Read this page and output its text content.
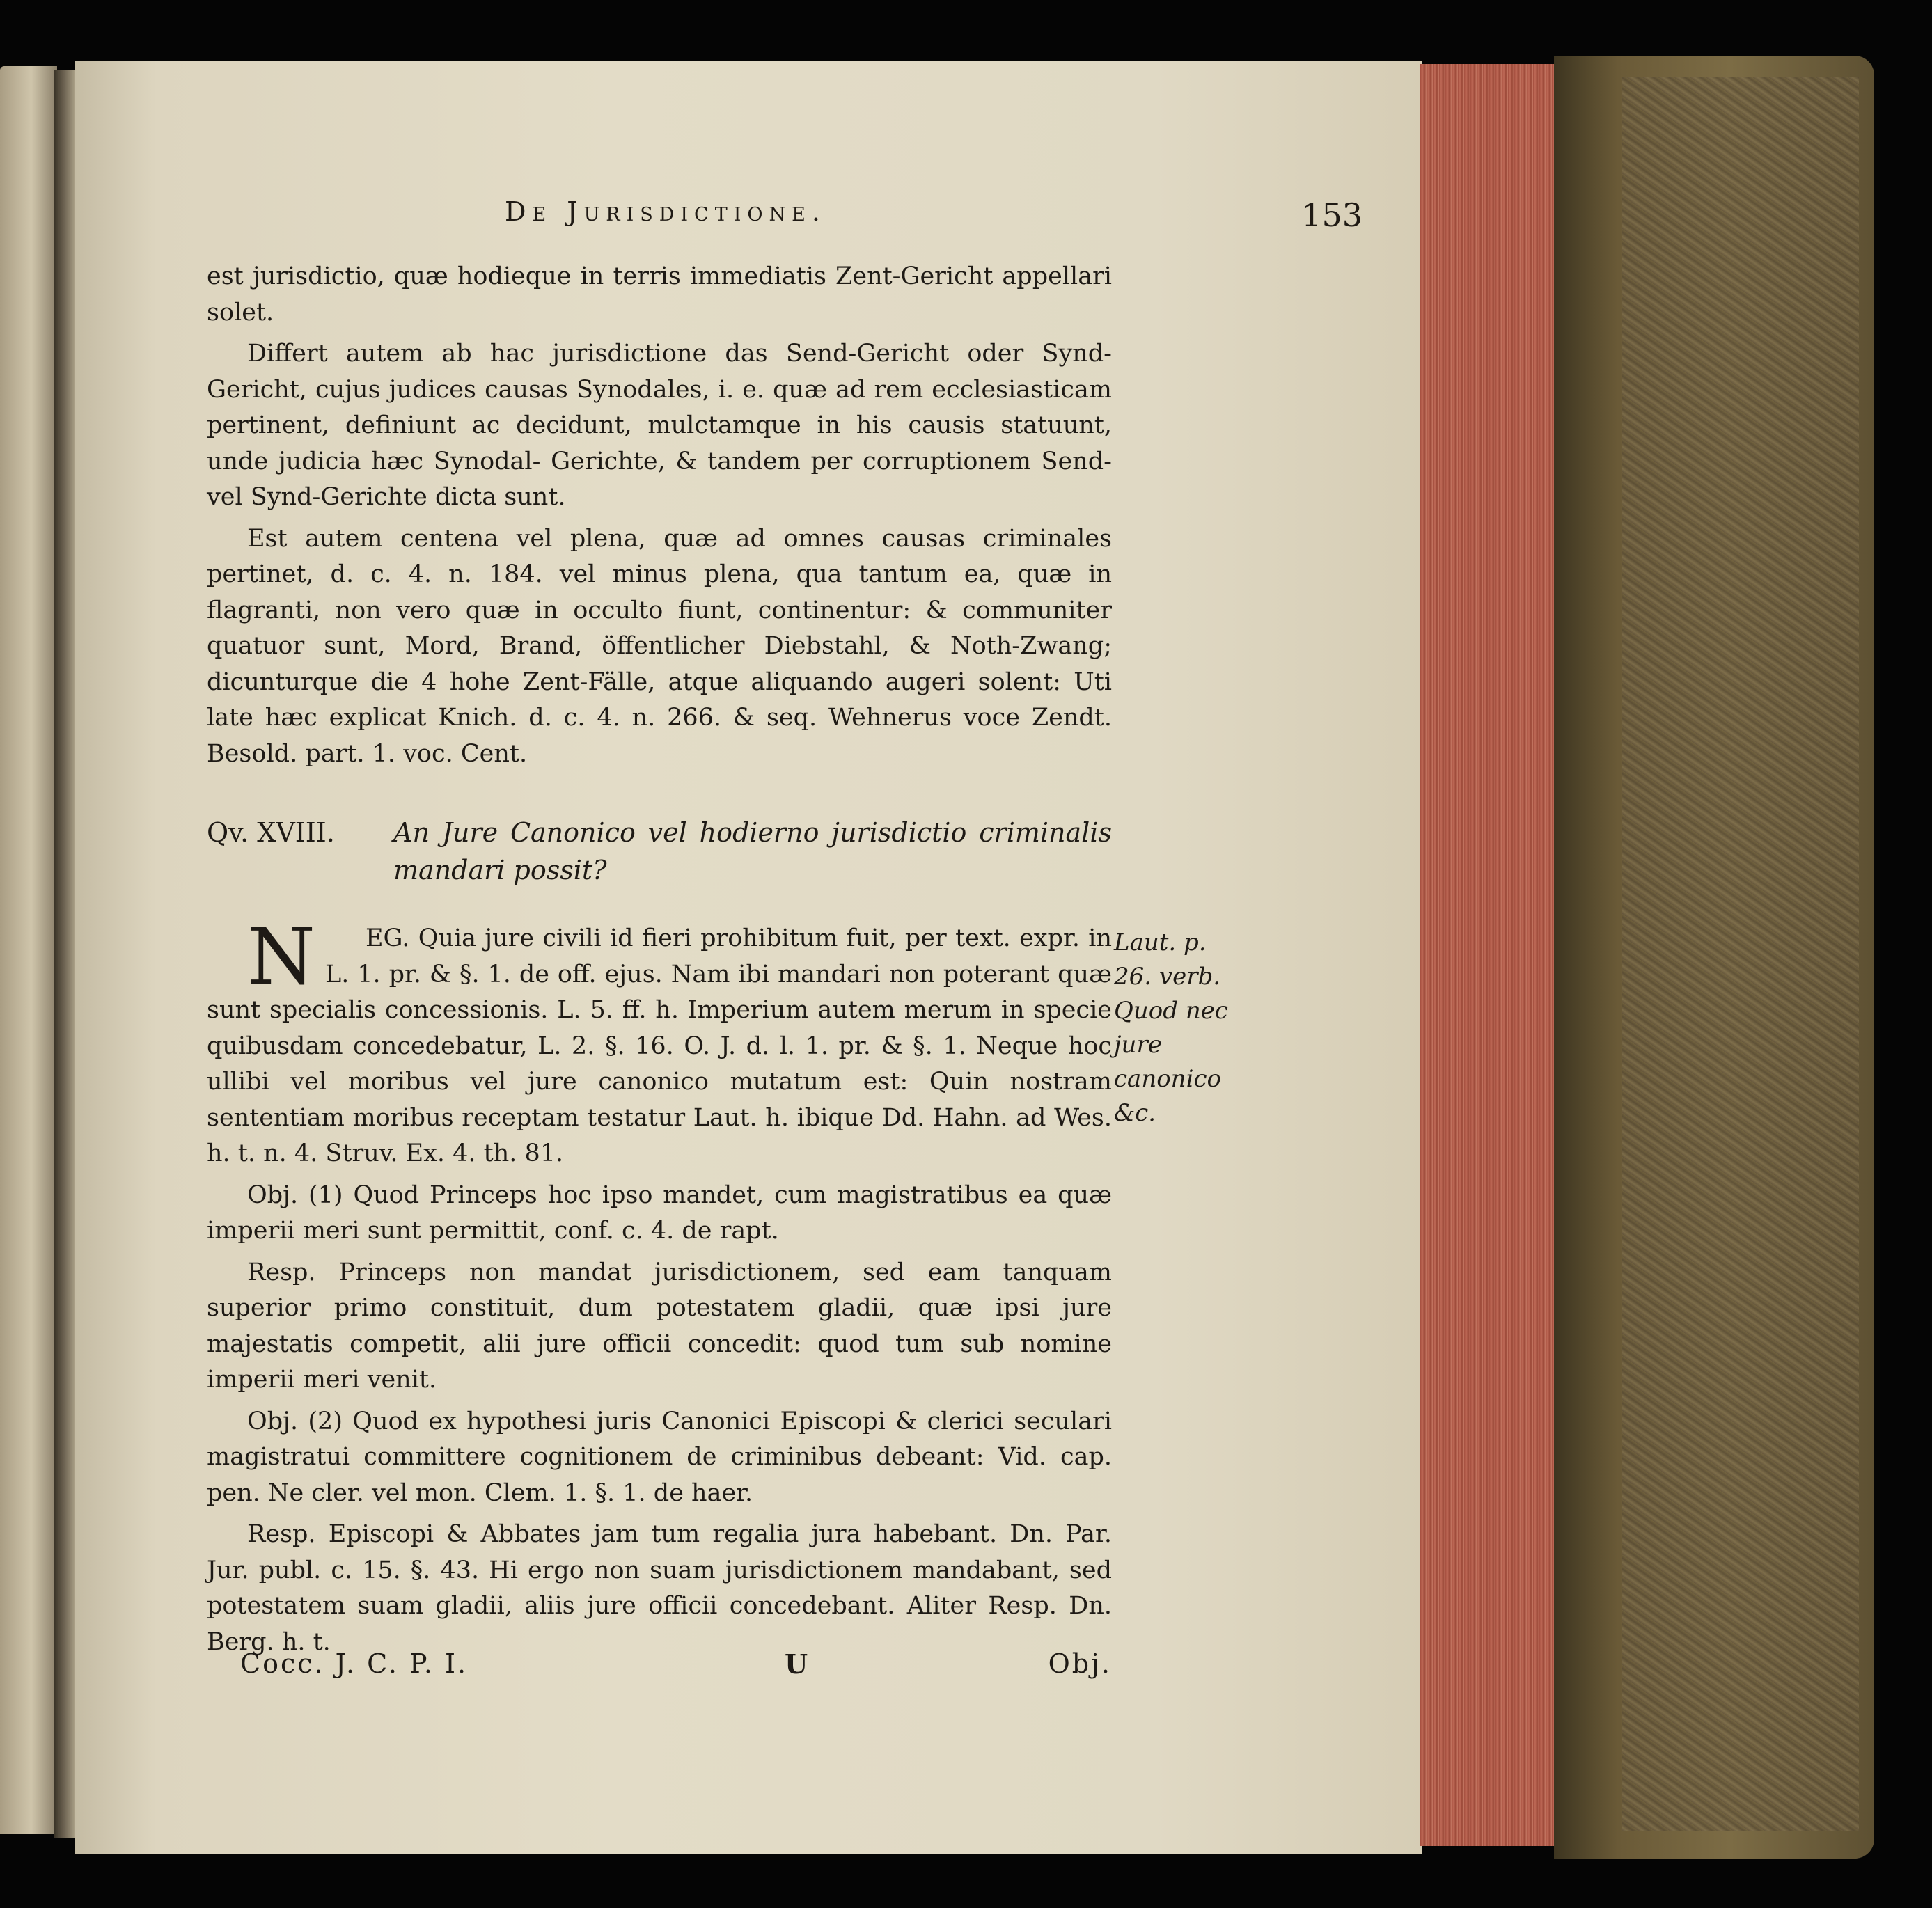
De Jurisdictione.	153

est jurisdictio, quæ hodieque in terris immediatis Zent-Gericht appellari solet.

Differt autem ab hac jurisdictione das Send-Gericht oder Synd-Gericht, cujus judices causas Synodales, i. e. quæ ad rem ecclesiasticam pertinent, definiunt ac decidunt, mulctamque in his causis statuunt, unde judicia hæc Synodal- Gerichte, & tandem per corruptionem Send- vel Synd-Gerichte dicta sunt.

Est autem centena vel plena, quæ ad omnes causas criminales pertinet, d. c. 4. n. 184. vel minus plena, qua tantum ea, quæ in flagranti, non vero quæ in occulto fiunt, continentur: & communiter quatuor sunt, Mord, Brand, öffentlicher Diebstahl, & Noth-Zwang; dicunturque die 4 hohe Zent-Fälle, atque aliquando augeri solent: Uti late hæc explicat Knich. d. c. 4. n. 266. & seq. Wehnerus voce Zendt. Besold. part. 1. voc. Cent.

Qv. XVIII.	An Jure Canonico vel hodierno jurisdictio criminalis mandari possit?

N EG. Quia jure civili id fieri prohibitum fuit, per text. expr. in L. 1. pr. & §. 1. de off. ejus. Nam ibi mandari non poterant quæ sunt specialis concessionis. L. 5. ff. h. Imperium autem merum in specie quibusdam concedebatur, L. 2. §. 16. O. J. d. l. 1. pr. & §. 1. Neque hoc ullibi vel moribus vel jure canonico mutatum est: Quin nostram sententiam moribus receptam testatur Laut. h. ibique Dd. Hahn. ad Wes. h. t. n. 4. Struv. Ex. 4. th. 81.

Obj. (1) Quod Princeps hoc ipso mandet, cum magistratibus ea quæ imperii meri sunt permittit, conf. c. 4. de rapt.

Resp. Princeps non mandat jurisdictionem, sed eam tanquam superior primo constituit, dum potestatem gladii, quæ ipsi jure majestatis competit, alii jure officii concedit: quod tum sub nomine imperii meri venit.

Obj. (2) Quod ex hypothesi juris Canonici Episcopi & clerici seculari magistratui committere cognitionem de criminibus debeant: Vid. cap. pen. Ne cler. vel mon. Clem. 1. §. 1. de haer.

Resp. Episcopi & Abbates jam tum regalia jura habebant. Dn. Par. Jur. publ. c. 15. §. 43. Hi ergo non suam jurisdictionem mandabant, sed potestatem suam gladii, aliis jure officii concedebant. Aliter Resp. Dn. Berg. h. t.

Laut. p. 26. verb. Quod nec jure canonico &c.
Cocc. J. C. P. I.	U	Obj.
